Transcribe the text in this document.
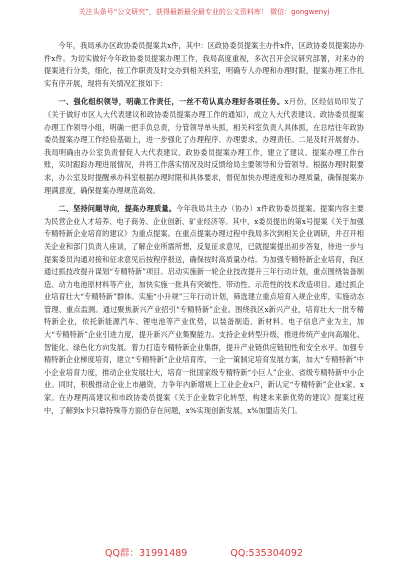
关注头条号“公文研究”，获得最新最全最专业的公文资料库！ 微信：gongwenyj

今年，我局承办区政协委员提案共x件，其中：区政协委员提案主办件x件，区政协委员提案协办件x件。为切实做好今年政协委员提案办理工作，我局高度重视，多次召开会议研究部署，对来办的提案进行分类，细化，按工作职责及时交办到相关科室，明确专人办理和办理时限，提案办理工作扎实有序开展，现将有关情况汇报如下：

一、强化组织领导，明确工作责任，一丝不苟认真办理好各项任务。x月份，区经信局印发了《关于做好市区人大代表建议和政协委员提案办理工作的通知》，成立人大代表建议、政协委员提案办理工作领导小组，明确一把手负总责，分管领导单头抓，相关科室负责人具体抓，在总结往年政协委员提案办理工作经验基础上，进一步强化了办理程序、办理要求，办理责任。二是及时开展督办。我局明确由办公室负责督促人大代表建议、政协委员提案办理工作，建立了建议、提案办理工作台账，实时跟踪办理进展情况，并将工作落实情况及时反馈给局主要领导和分管领导。根据办理时限要求，办公室及时提醒承办科室根据办理时限和具体要求，督促加快办理进度和办理质量，确保提案办理满意度，确保提案办理规范高效。

二、坚持问题导向，提高办理质量。今年我局共主办（协办）x件政协委员提案。提案内容主要为民营企业人才培养、电子商务、企业创新、矿业经济等。其中，x委员提出的第x号提案《关于加强专精特新企业培育的建议》为重点提案。在重点提案办理过程中我局多次到相关企业调研，并召开相关企业和部门负责人座谈，了解企业所需所想，反复征求意见，已就提案提出初步答复，待进一步与提案委员沟通对接和征求意见后按程序报送，确保按时高质量办结。为加强专精特新企业培育，我区通过抓技改提升谋划“专精特新”项目。启动实施新一轮企业技改提升三年行动计划，重点围绕装备制造、动力电池原材料等产业，加快实施一批具有突破性、带动性、示范性的技术改造项目。通过抓企业培育壮大“专精特新”群体。实施“小升规”三年行动计划，筛选建立重点培育入规企业库，实施动态管理、重点监测。通过聚焦新兴产业招引“专精特新”企业。围绕我区x新兴产业，培育壮大一批专精特新企业，依托新能源汽车、锂电池等产业优势，以装备制造、新材料、电子信息产业为主，加大“专精特新”企业引进力度，提升新兴产业集聚能力。支持企业转型升级，推进传统产业向高端化、智能化、绿色化方向发展。着力打造专精特新企业集群，提升产业链供应链韧性和安全水平。加强专精特新企业梯度培育，建立“专精特新”企业培育库，一企一策制定培育发展方案，加大“专精特新”中小企业培育力度，推动企业发展壮大，培育一批国家级专精特新“小巨人”企业、省级专精特新中小企业。同时，积极推动企业上市融资，力争年内新增规上工业企业x户，新认定“专精特新”企业x家、x家。在办理两高建议和市政协委员提案《关于企业数字化转型，构建未来新优势的建议》提案过程中，了解到x卡只靠特殊等方面仍存在问题，x%实现创新发展，x%加盟店关门。

QQ群：31991489	QQ:535304092
